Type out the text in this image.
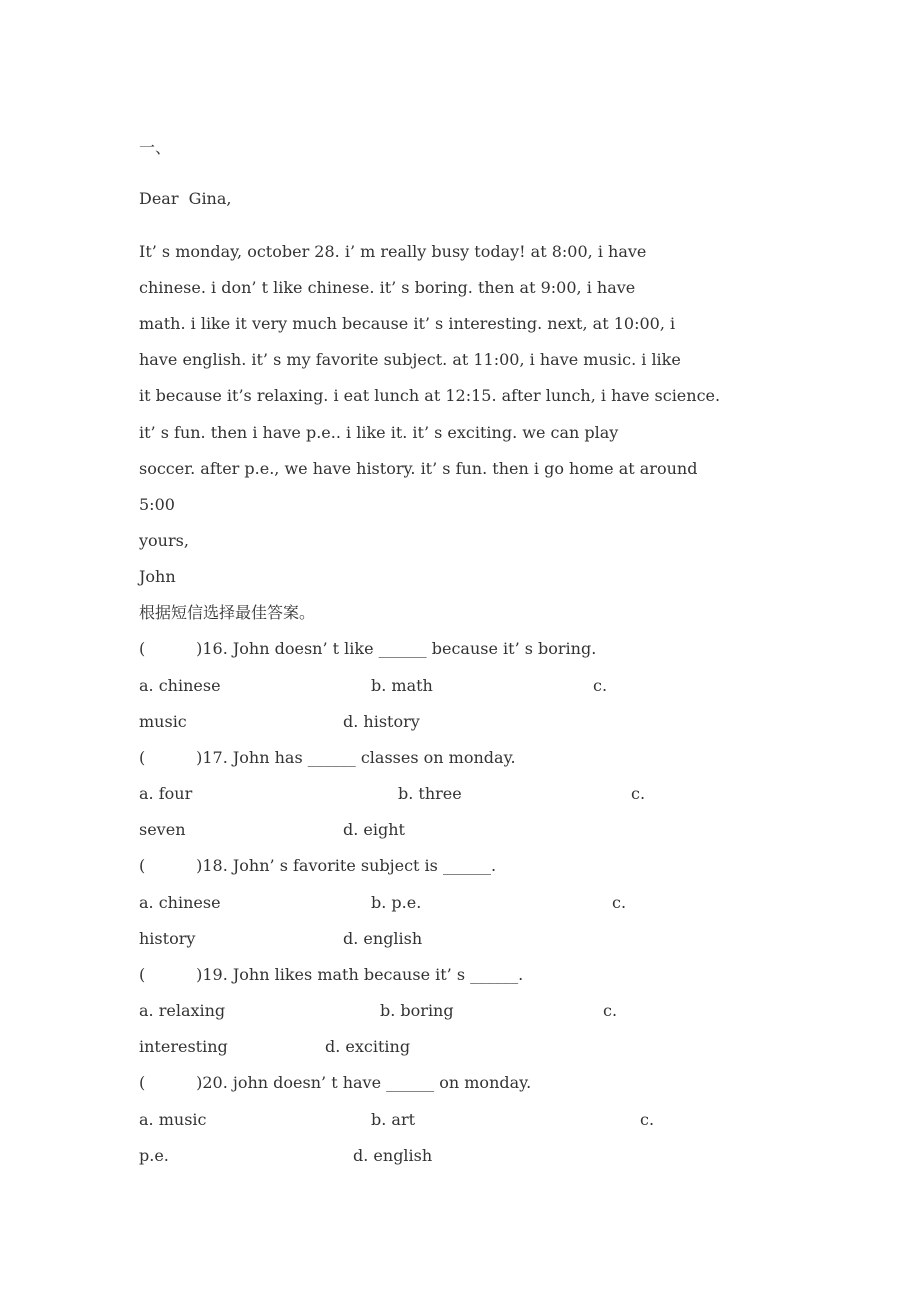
一、
Dear  Gina,
It’ s monday, october 28. i’ m really busy today! at 8:00, i have
chinese. i don’ t like chinese. it’ s boring. then at 9:00, i have
math. i like it very much because it’ s interesting. next, at 10:00, i
have english. it’ s my favorite subject. at 11:00, i have music. i like
it because it’s relaxing. i eat lunch at 12:15. after lunch, i have science.
it’ s fun. then i have p.e.. i like it. it’ s exciting. we can play
soccer. after p.e., we have history. it’ s fun. then i go home at around
5:00
yours,
John
根据短信选择最佳答案。
(          )16. John doesn’ t like ______ because it’ s boring.
a. chinese	b. math	c.
music	d. history
(          )17. John has ______ classes on monday.
a. four	b. three	c.
seven	d. eight
(          )18. John’ s favorite subject is ______.
a. chinese	b. p.e.	c.
history	d. english
(          )19. John likes math because it’ s ______.
a. relaxing	b. boring	c.
interesting	d. exciting
(          )20. john doesn’ t have ______ on monday.
a. music	b. art	c.
p.e.	d. english
